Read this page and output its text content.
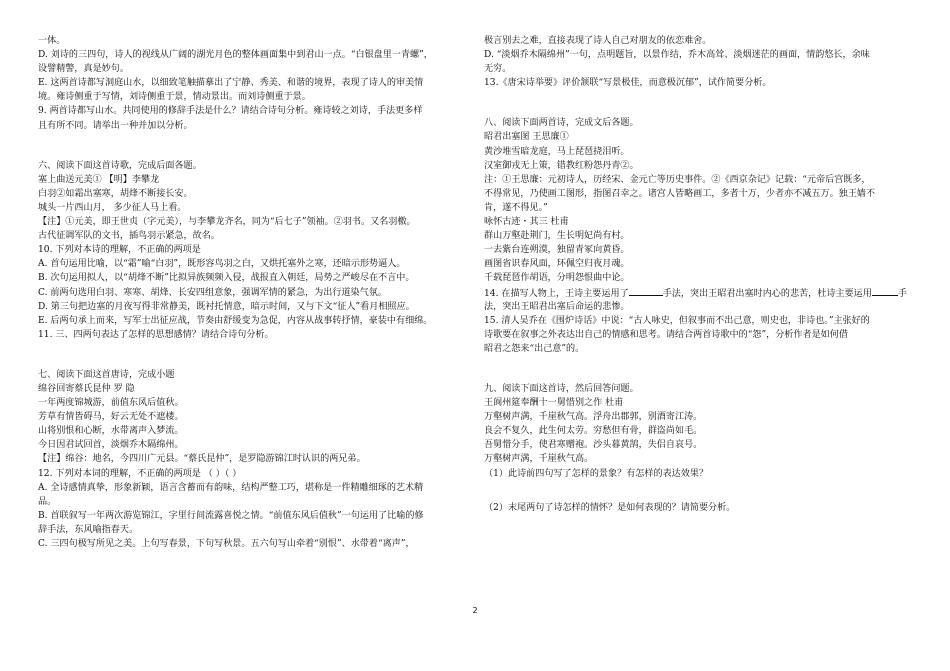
一体。
D. 刘诗的三四句，诗人的视线从广阔的湖光月色的整体画面集中到君山一点。“白银盘里一青螺”，
设譬精警，真是妙句。
E. 这两首诗都写洞庭山水，以细致笔触描摹出了宁静、秀美、和谐的境界，表现了诗人的审美情
境。雍诗侧重于写情，刘诗侧重于景，情动景出。而刘诗侧重于景。
9. 两首诗都写山水。共同使用的修辞手法是什么？请结合诗句分析。雍诗较之刘诗，手法更多样
且有所不同。请举出一种并加以分析。
六、阅读下面这首诗歌，完成后面各题。
塞上曲送元美① 【明】李攀龙
白羽②如霜出塞寒，胡烽不断接长安。
城头一片西山月， 多少征人马上看。
【注】①元美，即王世贞（字元美），与李攀龙齐名，同为“后七子”领袖。②羽书。又名羽檄。
古代征调军队的文书，插鸟羽示紧急，故名。
10. 下列对本诗的理解，不正确的两项是
A. 首句运用比喻，以“霜”喻“白羽”，既形容鸟羽之白，又烘托塞外之寒，还暗示形势逼人。
B. 次句运用拟人，以“胡烽不断”比拟异族频频入侵，战报直入朝廷，局势之严峻尽在不言中。
C. 前两句选用白羽、寒寒、胡烽、长安四组意象，强调军情的紧急，为出行道染气氛。
D. 第三句把边塞的月夜写得非常静美，既衬托情意，暗示时间，又与下文“征人”看月相照应。
E. 后两句承上而来，写军士出征应战，节奏由舒缓变为急促，内容从战事转抒情，豪装中有细绵。
11. 三、四两句表达了怎样的思想感情？请结合诗句分析。
七、阅读下面这首唐诗，完成小题
绵谷回寄蔡氏昆仲 罗 隐
一年两度锦城游，前值东风后值秋。
芳草有情皆碍马，好云无处不遮楼。
山将别恨和心断，水带离声入梦流。
今日因君试回首，淡烟乔木隔绵州。
【注】绵谷：地名，今四川广元县。“蔡氏昆仲”，是罗隐游锦江时认识的两兄弟。
12. 下列对本词的理解，不正确的两项是 （ ）（ ）
A. 全诗感情真挚，形象新颖，语言含蓄而有韵味，结构严整工巧，堪称是一件精雕细琢的艺术精
品。
B. 首联叙写一年两次游览锦江，字里行间流露喜悦之情。“前值东风后值秋”一句运用了比喻的修
辞手法，东风喻指春天。
C. 三四句极写所见之美。上句写春景，下句写秋景。五六句写山牵着“别恨”、水带着“离声”，
极言别去之难，直接表现了诗人自己对朋友的依恋难舍。
D. “淡烟乔木隔绵州”一句，点明题旨，以景作结，乔木高耸、淡烟迷茫的画面，情韵悠长，余味
无穷。
13.《唐宋诗举要》评价颔联“写景极佳，而意极沉郁”，试作简要分析。
八、阅读下面两首诗，完成文后各题。
昭君出塞图 王思廉①
黄沙堆雪暗龙庭，马上琵琶挠泪听。
汉室御戎无上策，错教红粉怨丹青②。
注：①王思廉：元初诗人，历经宋、金元亡等历史事件。②《西京杂记》记载：“元帝后宫既多，
不得常见，乃使画工图形，指图召幸之。诸宫人皆略画工，多者十万，少者亦不减五万。独王嫱不
肯，遂不得见。”
咏怀古迹・其三 杜甫
群山万壑赴荆门，生长明妃尚有村。
一去紫台连朔漠，独留青冢向黄昏。
画图省识春风面，环佩空归夜月魂。
千载琵琶作胡语，分明怨恨曲中论。
14. 在描写人物上，王诗主要运用了	手法，突出王昭君出塞时内心的悲苦，杜诗主要运用	手
法，突出王昭君出塞后命运的悲惨。
15. 清人吴乔在《围炉诗话》中说：“古人咏史，但叙事而不出己意，则史也，非诗也。”主张好的
诗歌要在叙事之外表达出自己的情感和思考。请结合两首诗歌中的“怨”，分析作者是如何借
昭君之怨来“出己意”的。
九、阅读下面这首诗，然后回答问题。
王阆州筵奉酬十一舅惜别之作 杜甫
万壑树声满，千崖秋气高。浮舟出郡郭，别酒寄江涛。
良会不复久，此生何太劳。穷愁但有骨，群盗尚如毛。
吾舅惜分手，使君寒赠袍。沙头暮黄鹄，失侣自哀号。
万壑树声满，千崖秋气高。
（1）此诗前四句写了怎样的景象？有怎样的表达效果？
（2）末尾两句了诗怎样的情怀？是如何表现的？请简要分析。
2
